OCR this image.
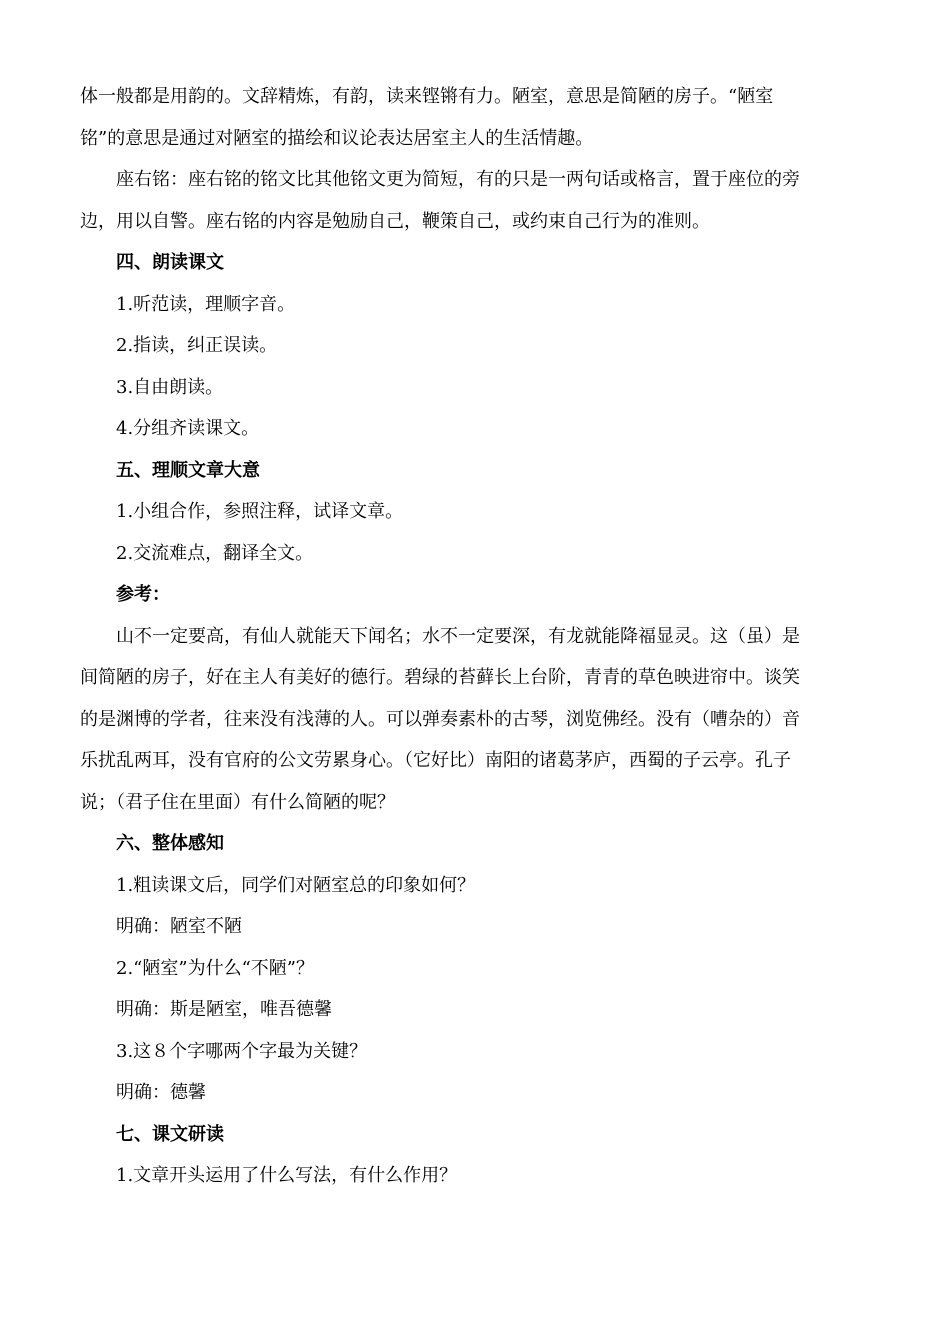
体一般都是用韵的。文辞精炼，有韵，读来铿锵有力。陋室，意思是简陋的房子。“陋室
铭”的意思是通过对陋室的描绘和议论表达居室主人的生活情趣。

座右铭：座右铭的铭文比其他铭文更为简短，有的只是一两句话或格言，置于座位的旁
边，用以自警。座右铭的内容是勉励自己，鞭策自己，或约束自己行为的准则。

四、朗读课文

1.听范读，理顺字音。

2.指读，纠正误读。

3.自由朗读。

4.分组齐读课文。

五、理顺文章大意

1.小组合作，参照注释，试译文章。

2.交流难点，翻译全文。

参考：

山不一定要高，有仙人就能天下闻名；水不一定要深，有龙就能降福显灵。这（虽）是
间简陋的房子，好在主人有美好的德行。碧绿的苔藓长上台阶，青青的草色映进帘中。谈笑
的是渊博的学者，往来没有浅薄的人。可以弹奏素朴的古琴，浏览佛经。没有（嘈杂的）音
乐扰乱两耳，没有官府的公文劳累身心。（它好比）南阳的诸葛茅庐，西蜀的子云亭。孔子
说；（君子住在里面）有什么简陋的呢？

六、整体感知

1.粗读课文后，同学们对陋室总的印象如何？

明确：陋室不陋

2.“陋室”为什么“不陋”？

明确：斯是陋室，唯吾德馨

3.这８个字哪两个字最为关键？

明确：德馨

七、课文研读

1.文章开头运用了什么写法，有什么作用？
